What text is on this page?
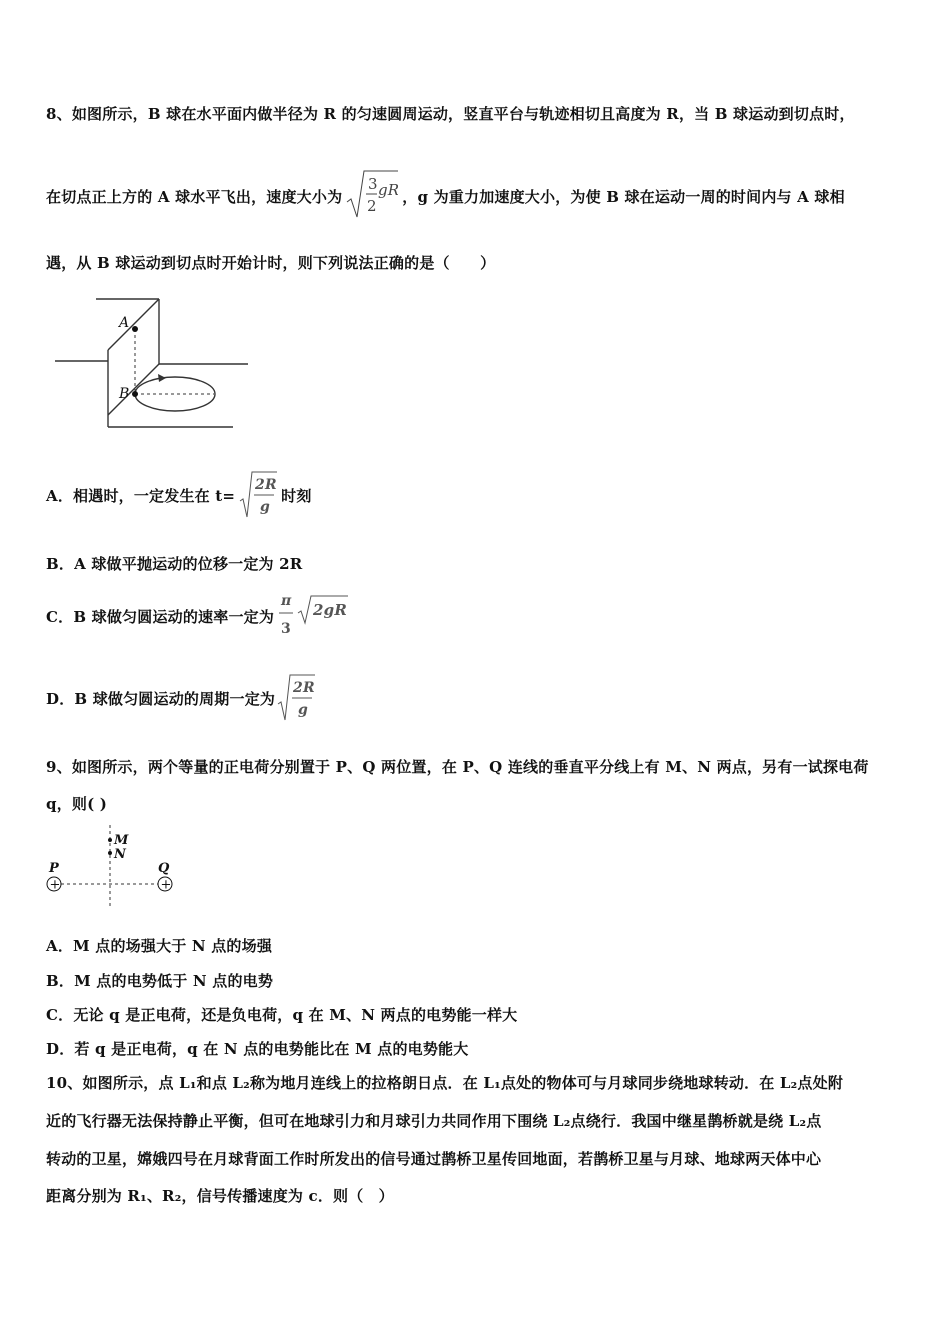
8、如图所示，B 球在水平面内做半径为 R 的匀速圆周运动，竖直平台与轨迹相切且高度为 R，当 B 球运动到切点时，
在切点正上方的 A 球水平飞出，速度大小为
3
2
gR ，g 为重力加速度大小，为使 B 球在运动一周的时间内与 A 球相
遇，从 B 球运动到切点时开始计时，则下列说法正确的是（　　）
A
B
A．相遇时，一定发生在 t=
2R
g
时刻
B．A 球做平抛运动的位移一定为 2R
C．B 球做匀圆运动的速率一定为
π
3
2gR
D．B 球做匀圆运动的周期一定为
2R
g
9、如图所示，两个等量的正电荷分别置于 P、Q 两位置，在 P、Q 连线的垂直平分线上有 M、N 两点，另有一试探电荷
q，则( )
M
N
P	Q
+	+
A．M 点的场强大于 N 点的场强
B．M 点的电势低于 N 点的电势
C．无论 q 是正电荷，还是负电荷，q 在 M、N 两点的电势能一样大
D．若 q 是正电荷，q 在 N 点的电势能比在 M 点的电势能大
10、如图所示，点 L₁和点 L₂称为地月连线上的拉格朗日点．在 L₁点处的物体可与月球同步绕地球转动．在 L₂点处附
近的飞行器无法保持静止平衡，但可在地球引力和月球引力共同作用下围绕 L₂点绕行．我国中继星鹊桥就是绕 L₂点
转动的卫星，嫦娥四号在月球背面工作时所发出的信号通过鹊桥卫星传回地面，若鹊桥卫星与月球、地球两天体中心
距离分别为 R₁、R₂，信号传播速度为 c．则（　）
